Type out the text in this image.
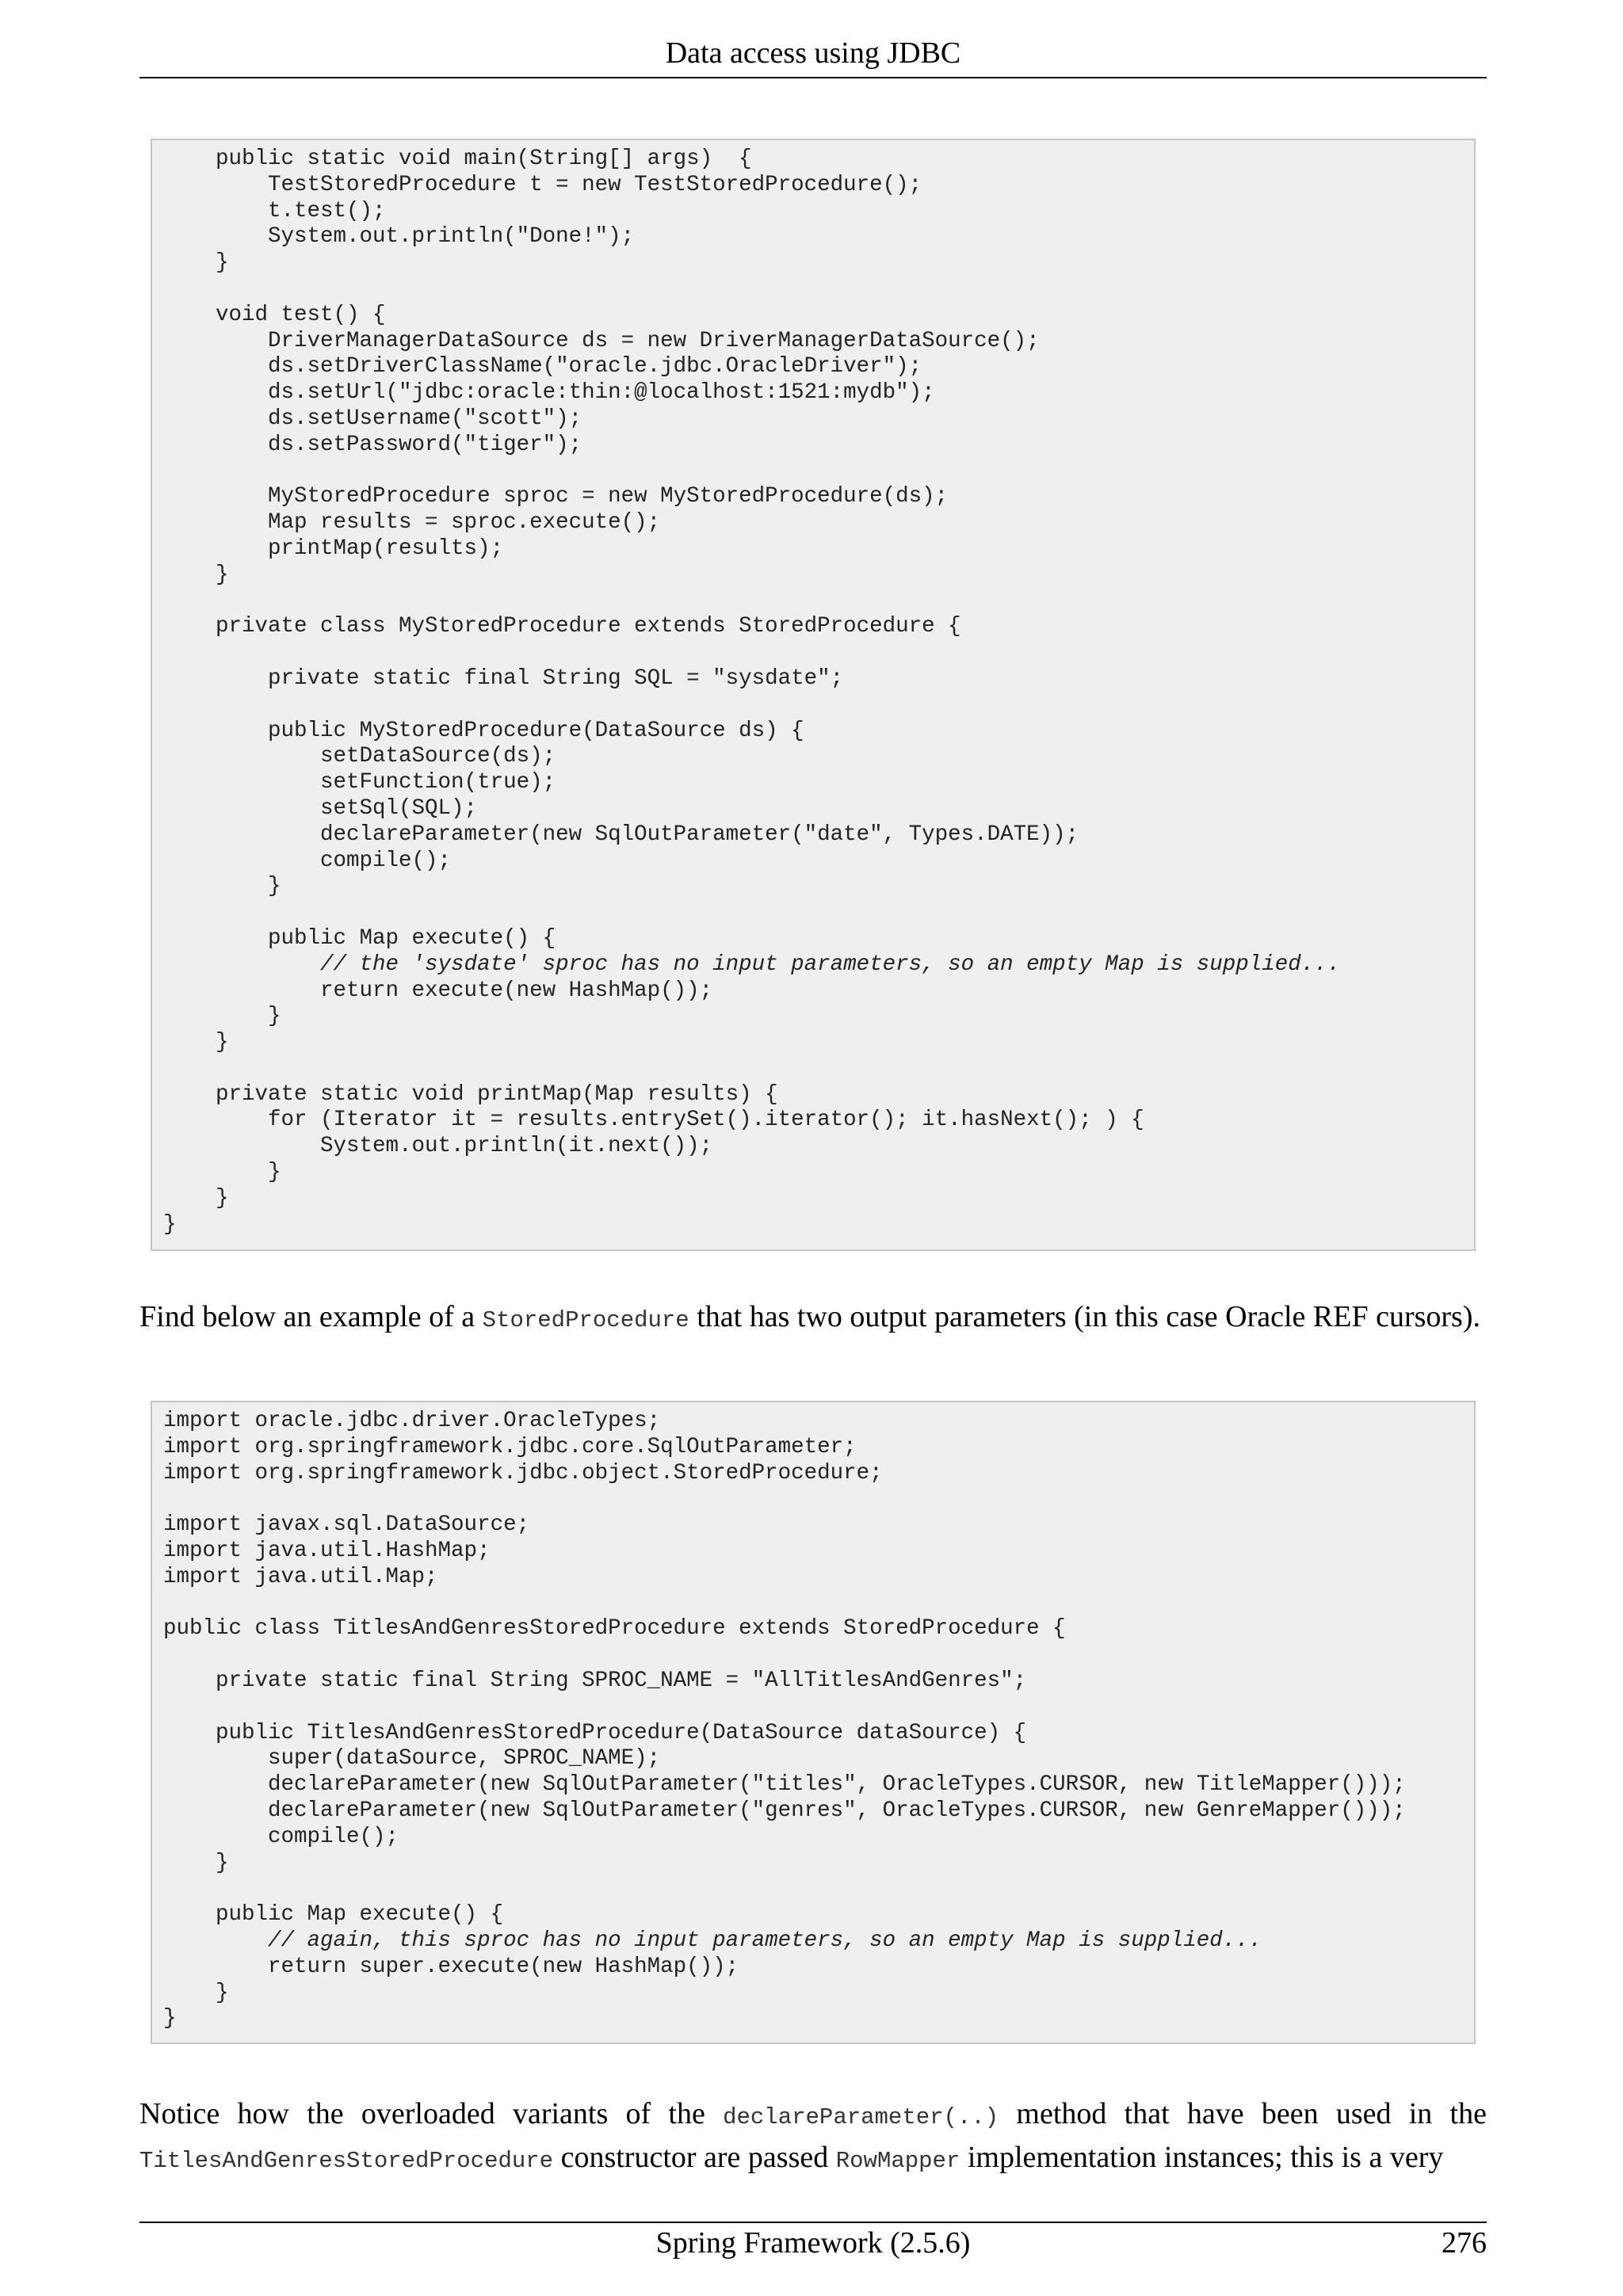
Data access using JDBC
public static void main(String[] args)  {
TestStoredProcedure t = new TestStoredProcedure();
t.test();
System.out.println("Done!");
}
void test() {
DriverManagerDataSource ds = new DriverManagerDataSource();
ds.setDriverClassName("oracle.jdbc.OracleDriver");
ds.setUrl("jdbc:oracle:thin:@localhost:1521:mydb");
ds.setUsername("scott");
ds.setPassword("tiger");
MyStoredProcedure sproc = new MyStoredProcedure(ds);
Map results = sproc.execute();
printMap(results);
}
private class MyStoredProcedure extends StoredProcedure {
private static final String SQL = "sysdate";
public MyStoredProcedure(DataSource ds) {
setDataSource(ds);
setFunction(true);
setSql(SQL);
declareParameter(new SqlOutParameter("date", Types.DATE));
compile();
}
public Map execute() {
// the 'sysdate' sproc has no input parameters, so an empty Map is supplied...
return execute(new HashMap());
}
}
private static void printMap(Map results) {
for (Iterator it = results.entrySet().iterator(); it.hasNext(); ) {
System.out.println(it.next());
}
}
}
Find below an example of a StoredProcedure that has two output parameters (in this case Oracle REF cursors).
import oracle.jdbc.driver.OracleTypes;
import org.springframework.jdbc.core.SqlOutParameter;
import org.springframework.jdbc.object.StoredProcedure;
import javax.sql.DataSource;
import java.util.HashMap;
import java.util.Map;
public class TitlesAndGenresStoredProcedure extends StoredProcedure {
private static final String SPROC_NAME = "AllTitlesAndGenres";
public TitlesAndGenresStoredProcedure(DataSource dataSource) {
super(dataSource, SPROC_NAME);
declareParameter(new SqlOutParameter("titles", OracleTypes.CURSOR, new TitleMapper()));
declareParameter(new SqlOutParameter("genres", OracleTypes.CURSOR, new GenreMapper()));
compile();
}
public Map execute() {
// again, this sproc has no input parameters, so an empty Map is supplied...
return super.execute(new HashMap());
}
}
Notice how the overloaded variants of the declareParameter(..) method that have been used in the TitlesAndGenresStoredProcedure constructor are passed RowMapper implementation instances; this is a very
Spring Framework (2.5.6)	276
